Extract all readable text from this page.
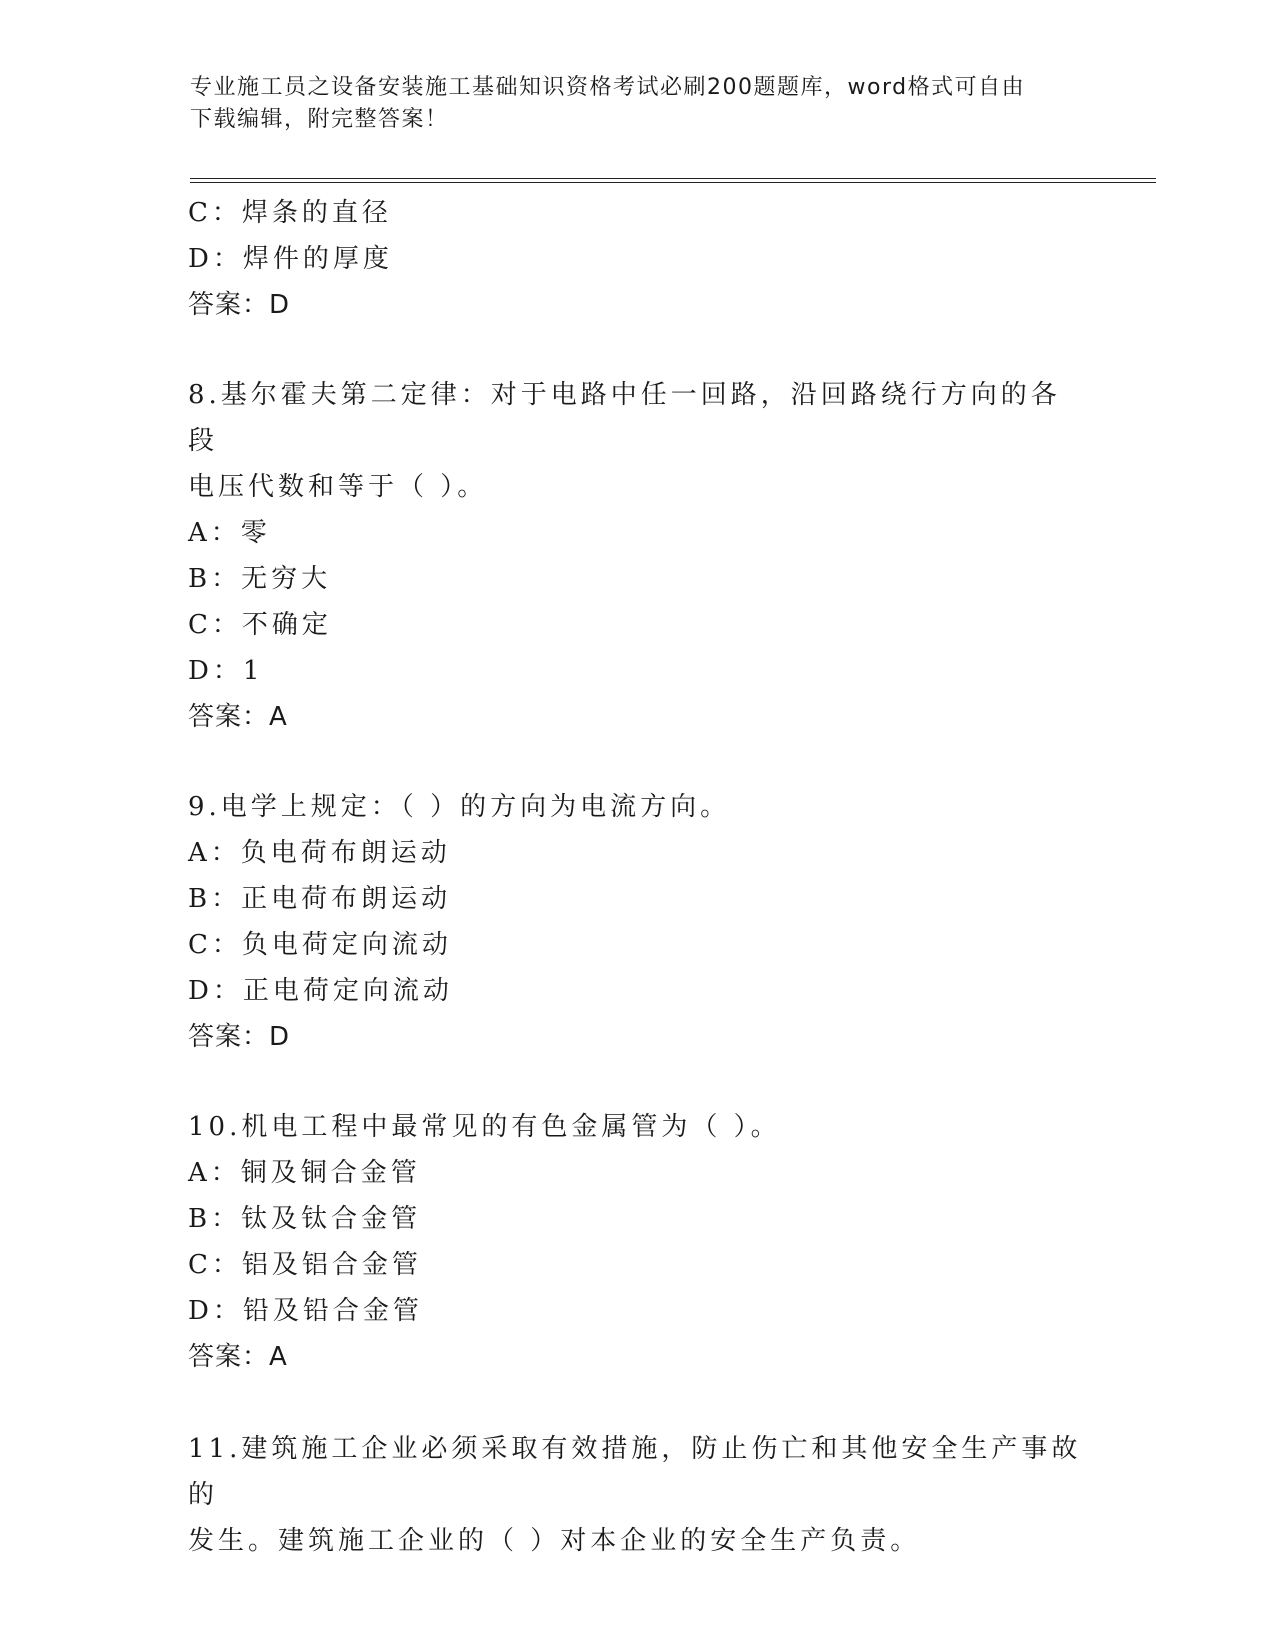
专业施工员之设备安装施工基础知识资格考试必刷200题题库，word格式可自由
下载编辑，附完整答案！
C：焊条的直径
D：焊件的厚度
答案：D
8.基尔霍夫第二定律：对于电路中任一回路，沿回路绕行方向的各段
电压代数和等于（ ）。
A：零
B：无穷大
C：不确定
D：1
答案：A
9.电学上规定：（ ）的方向为电流方向。
A：负电荷布朗运动
B：正电荷布朗运动
C：负电荷定向流动
D：正电荷定向流动
答案：D
10.机电工程中最常见的有色金属管为（ ）。
A：铜及铜合金管
B：钛及钛合金管
C：铝及铝合金管
D：铅及铅合金管
答案：A
11.建筑施工企业必须采取有效措施，防止伤亡和其他安全生产事故的
发生。建筑施工企业的（ ）对本企业的安全生产负责。
